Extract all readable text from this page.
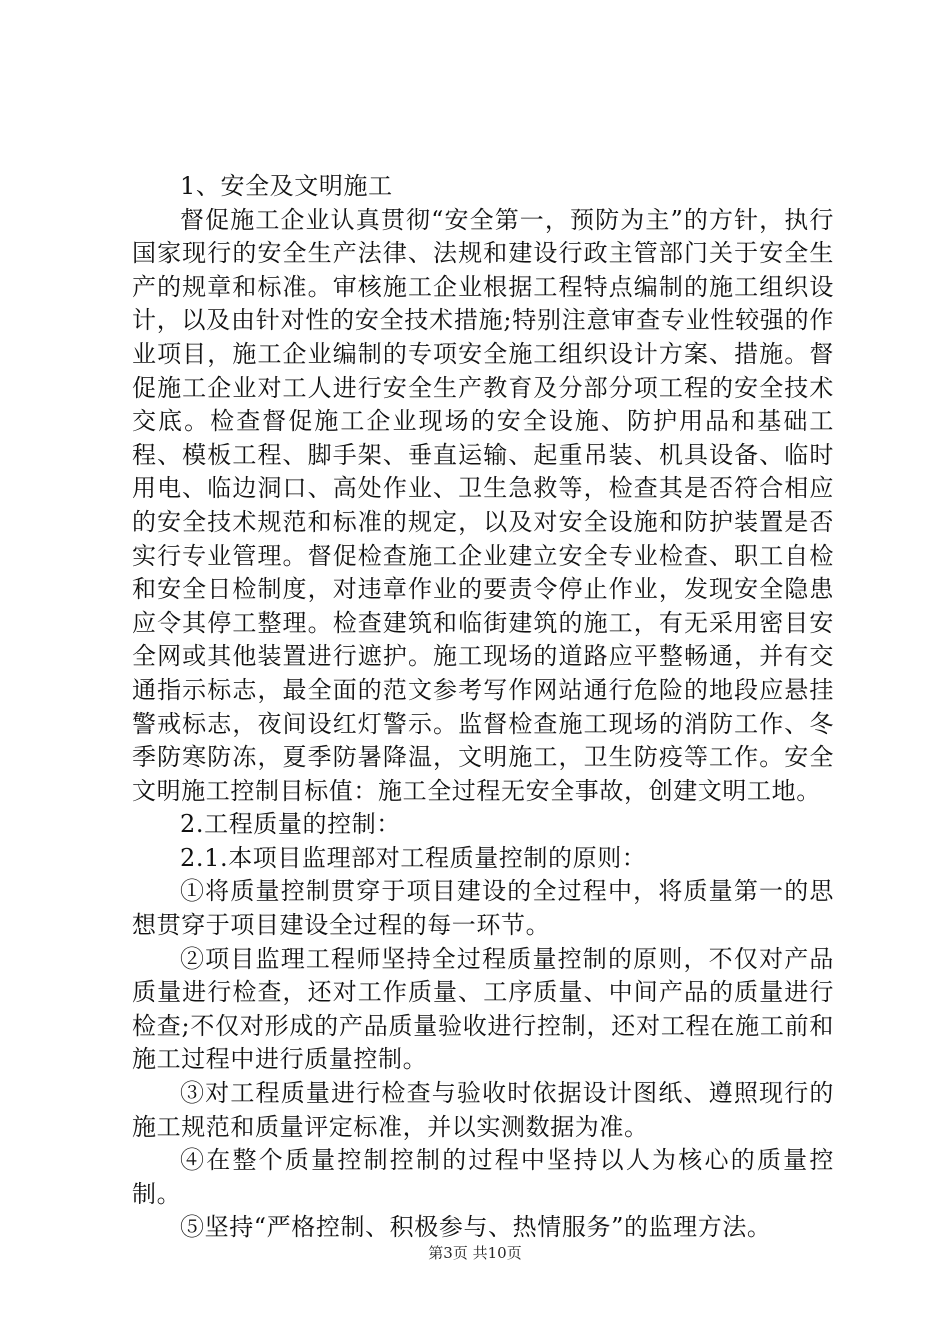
1、安全及文明施工

督促施工企业认真贯彻“安全第一，预防为主”的方针，执行国家现行的安全生产法律、法规和建设行政主管部门关于安全生产的规章和标准。审核施工企业根据工程特点编制的施工组织设计，以及由针对性的安全技术措施;特别注意审查专业性较强的作业项目，施工企业编制的专项安全施工组织设计方案、措施。督促施工企业对工人进行安全生产教育及分部分项工程的安全技术交底。检查督促施工企业现场的安全设施、防护用品和基础工程、模板工程、脚手架、垂直运输、起重吊装、机具设备、临时用电、临边洞口、高处作业、卫生急救等，检查其是否符合相应的安全技术规范和标准的规定，以及对安全设施和防护装置是否实行专业管理。督促检查施工企业建立安全专业检查、职工自检和安全日检制度，对违章作业的要责令停止作业，发现安全隐患应令其停工整理。检查建筑和临街建筑的施工，有无采用密目安全网或其他装置进行遮护。施工现场的道路应平整畅通，并有交通指示标志，最全面的范文参考写作网站通行危险的地段应悬挂警戒标志，夜间设红灯警示。监督检查施工现场的消防工作、冬季防寒防冻，夏季防暑降温，文明施工，卫生防疫等工作。安全文明施工控制目标值：施工全过程无安全事故，创建文明工地。

2.工程质量的控制：

2.1.本项目监理部对工程质量控制的原则：

①将质量控制贯穿于项目建设的全过程中，将质量第一的思想贯穿于项目建设全过程的每一环节。

②项目监理工程师坚持全过程质量控制的原则，不仅对产品质量进行检查，还对工作质量、工序质量、中间产品的质量进行检查;不仅对形成的产品质量验收进行控制，还对工程在施工前和施工过程中进行质量控制。

③对工程质量进行检查与验收时依据设计图纸、遵照现行的施工规范和质量评定标准，并以实测数据为准。

④在整个质量控制控制的过程中坚持以人为核心的质量控制。

⑤坚持“严格控制、积极参与、热情服务”的监理方法。

第3页 共10页
